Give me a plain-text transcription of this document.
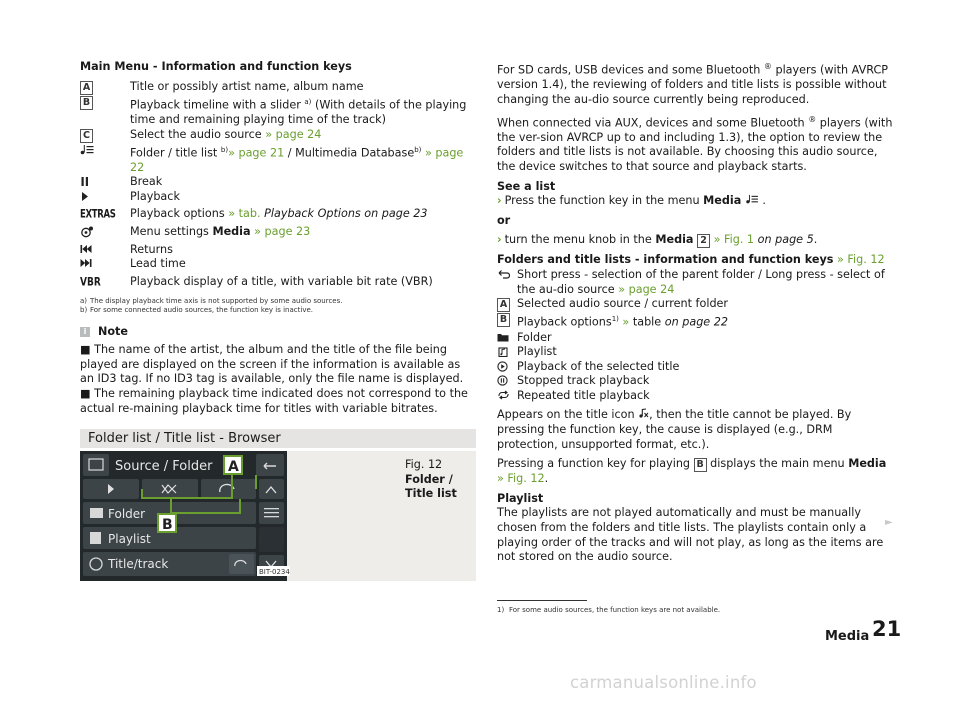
Main Menu - Information and function keys
A	Title or possibly artist name, album name
B	Playback timeline with a slider $^{a)}$ (With details of the playing time and remaining playing time of the track)
C	Select the audio source » page 24
Folder / title list $^{b)}$» page 21 / Multimedia Database$^{b)}$ » page 22
Break
Playback
EXTRAS Playback options » tab. Playback Options on page 23
Menu settings Media » page 23
Returns
Lead time
VBR	Playback display of a title, with variable bit rate (VBR)
a) The display playback time axis is not supported by some audio sources.
b) For some connected audio sources, the function key is inactive.
i	Note
■ The name of the artist, the album and the title of the file being played are displayed on the screen if the information is available as an ID3 tag. If no ID3 tag is available, only the file name is displayed.
■ The remaining playback time indicated does not correspond to the actual re-maining playback time for titles with variable bitrates.
Folder list / Title list - Browser
Source / Folder
Folder
Playlist
Title/track
A
B
BIT-0234
Fig. 12
Folder / Title list
For SD cards, USB devices and some Bluetooth ® players (with AVRCP version 1.4), the reviewing of folders and title lists is possible without changing the au-dio source currently being reproduced.
When connected via AUX, devices and some Bluetooth ® players (with the ver-sion AVRCP up to and including 1.3), the option to review the folders and title lists is not available. By choosing this audio source, the device switches to that source and playback starts.
See a list
› Press the function key in the menu Media  .
or
› turn the menu knob in the Media 2 » Fig. 1 on page 5.
Folders and title lists - information and function keys » Fig. 12
Short press - selection of the parent folder / Long press - select of the au-dio source » page 24
A Selected audio source / current folder
B Playback options$^{1)}$ » table on page 22
Folder
Playlist
Playback of the selected title
Stopped track playback
Repeated title playback
Appears on the title icon , then the title cannot be played. By pressing the function key, the cause is displayed (e.g., DRM protection, unsupported format, etc.).
Pressing a function key for playing B displays the main menu Media » Fig. 12.
Playlist
The playlists are not played automatically and must be manually chosen from the folders and title lists. The playlists contain only a playing order of the tracks and will not play, as long as the items are not stored on the audio source.
►
1) For some audio sources, the function keys are not available.
Media 21
carmanualsonline.info
